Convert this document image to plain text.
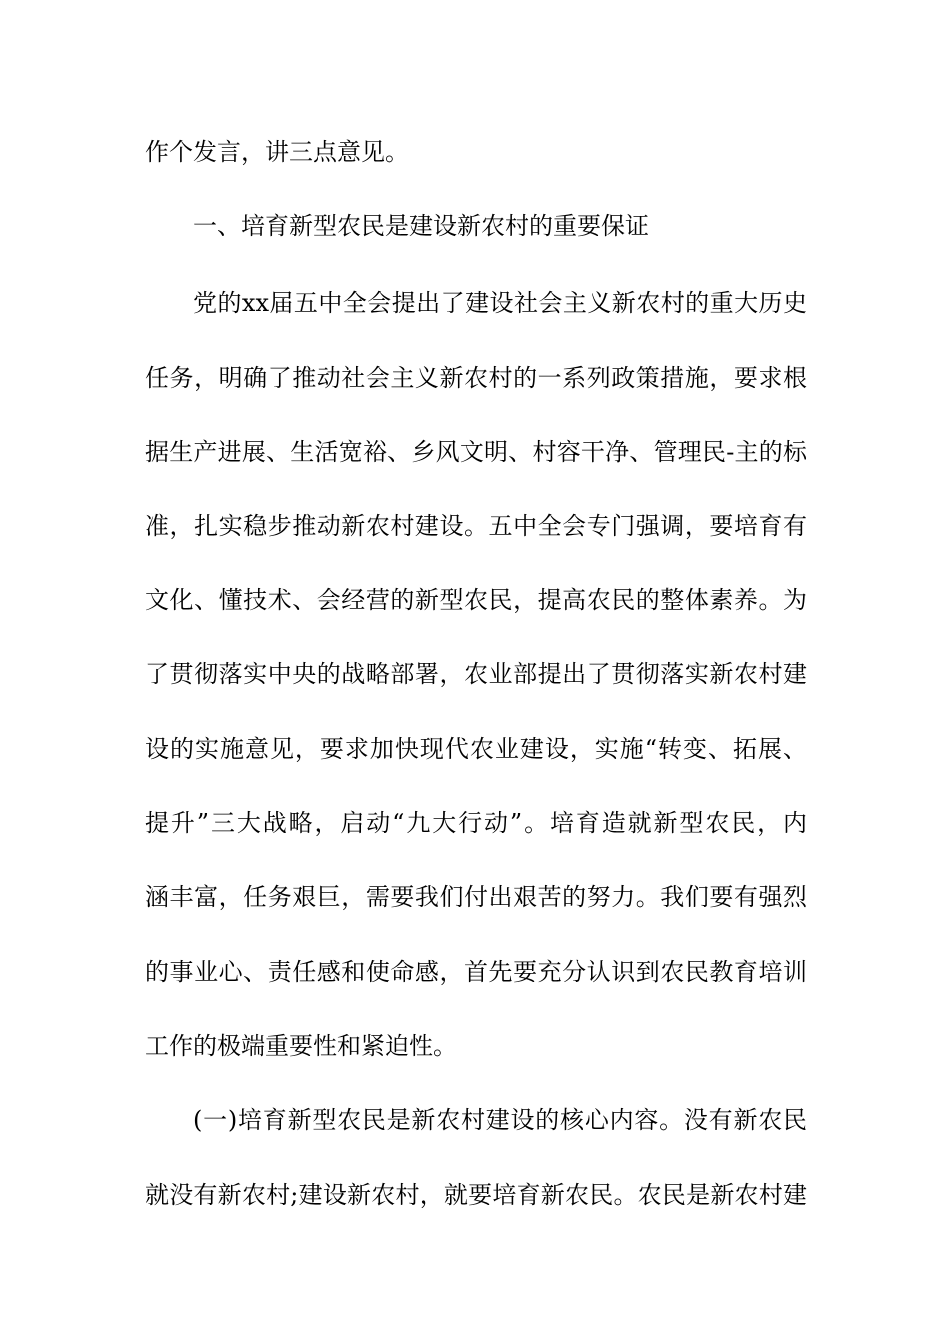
作个发言，讲三点意见。
一、培育新型农民是建设新农村的重要保证
党的xx届五中全会提出了建设社会主义新农村的重大历史
任务，明确了推动社会主义新农村的一系列政策措施，要求根
据生产进展、生活宽裕、乡风文明、村容干净、管理民-主的标
准，扎实稳步推动新农村建设。五中全会专门强调，要培育有
文化、懂技术、会经营的新型农民，提高农民的整体素养。为
了贯彻落实中央的战略部署，农业部提出了贯彻落实新农村建
设的实施意见，要求加快现代农业建设，实施“转变、拓展、
提升”三大战略，启动“九大行动”。培育造就新型农民，内
涵丰富，任务艰巨，需要我们付出艰苦的努力。我们要有强烈
的事业心、责任感和使命感，首先要充分认识到农民教育培训
工作的极端重要性和紧迫性。
(一)培育新型农民是新农村建设的核心内容。没有新农民
就没有新农村;建设新农村，就要培育新农民。农民是新农村建
